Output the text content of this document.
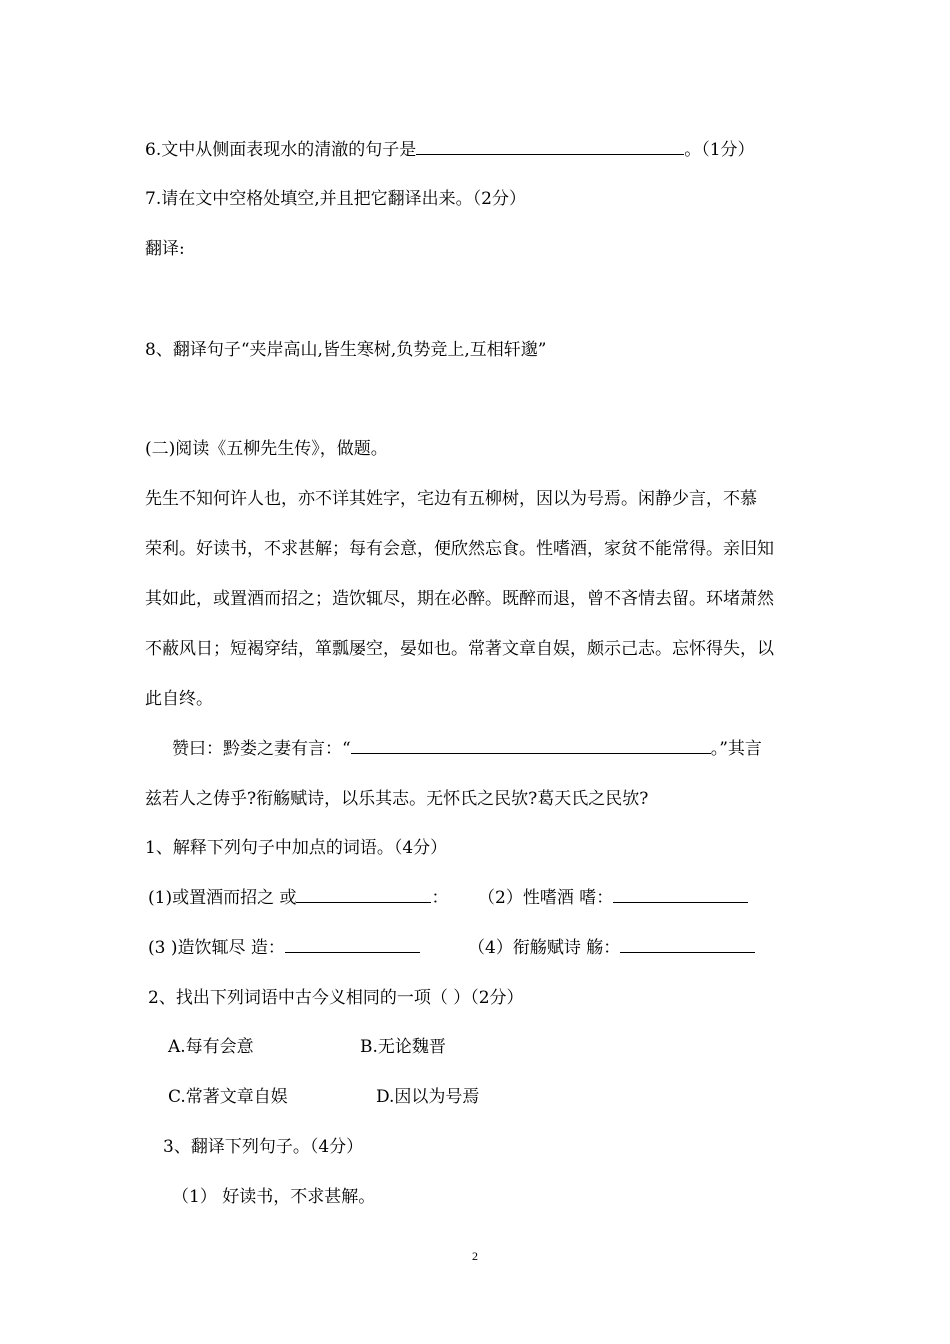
6.文中从侧面表现水的清澈的句子是	。（1分）
7.请在文中空格处填空,并且把它翻译出来。（2分）
翻译:
8、翻译句子“夹岸高山,皆生寒树,负势竞上,互相轩邈”
(二)阅读《五柳先生传》，做题。
先生不知何许人也，亦不详其姓字，宅边有五柳树，因以为号焉。闲静少言，不慕
荣利。好读书，不求甚解；每有会意，便欣然忘食。性嗜酒，家贫不能常得。亲旧知
其如此，或置酒而招之；造饮辄尽，期在必醉。既醉而退，曾不吝情去留。环堵萧然
不蔽风日；短褐穿结，箪瓢屡空，晏如也。常著文章自娱，颇示己志。忘怀得失，以
此自终。
赞曰：黔娄之妻有言：“	。”其言
兹若人之俦乎?衔觞赋诗，以乐其志。无怀氏之民欤?葛天氏之民欤?
1、解释下列句子中加点的词语。（4分）
(1)或置酒而招之 或	： （2）性嗜酒 嗜：
(3 )造饮辄尽 造：	（4）衔觞赋诗 觞：
2、找出下列词语中古今义相同的一项（ ）（2分）
A.每有会意	B.无论魏晋
C.常著文章自娱	D.因以为号焉
3、翻译下列句子。（4分）
（1） 好读书，不求甚解。
2
